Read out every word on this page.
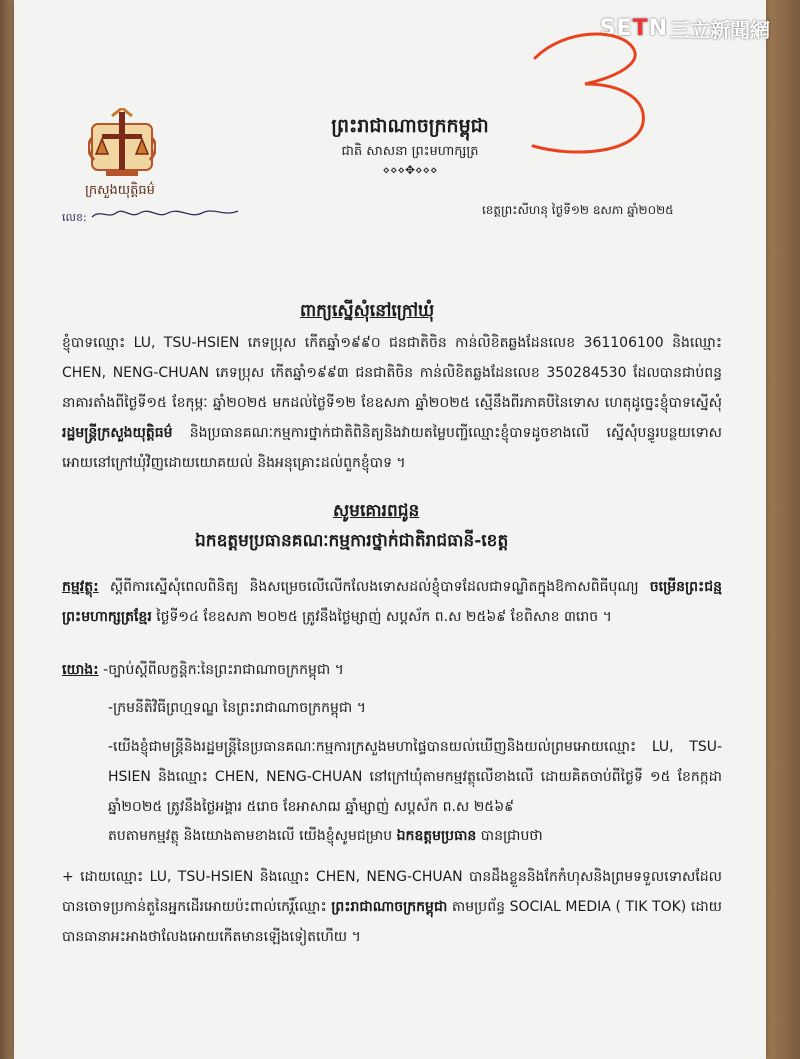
SETN 三立新聞網
ក្រសួងយុត្តិធម៌
លេខ:
ព្រះរាជាណាចក្រកម្ពុជា
ជាតិ សាសនា ព្រះមហាក្សត្រ
⋄⋄⋄✥⋄⋄⋄
ខេត្តព្រះសីហនុ ថ្ងៃទី១២ ឧសភា ឆ្នាំ២០២៥
ពាក្យស្នើសុំនៅក្រៅឃុំ
ខ្ញុំបាទឈ្មោះ LU, TSU-HSIEN ភេទប្រុស កើតឆ្នាំ១៩៩០ ជនជាតិចិន កាន់លិខិតឆ្លងដែនលេខ 361106100 និងឈ្មោះ CHEN, NENG-CHUAN ភេទប្រុស កើតឆ្នាំ១៩៩៣ ជនជាតិចិន កាន់លិខិតឆ្លងដែនលេខ 350284530 ដែលបានជាប់ពន្ធនាគារតាំងពីថ្ងៃទី១៥ ខែកុម្ភៈ ឆ្នាំ២០២៥ មកដល់ថ្ងៃទី១២ ខែឧសភា ឆ្នាំ២០២៥ ស្មើនឹងពីរភាគបីនៃទោស ហេតុដូច្នេះខ្ញុំបាទស្នើសុំ រដ្ឋមន្ត្រីក្រសួងយុត្តិធម៌ និងប្រធានគណៈកម្មការថ្នាក់ជាតិពិនិត្យនិងវាយតម្លៃបញ្ជីឈ្មោះខ្ញុំបាទដូចខាងលើ ស្នើសុំបន្ធូរបន្ថយទោសអោយនៅក្រៅឃុំវិញដោយយោគយល់ និងអនុគ្រោះដល់ពួកខ្ញុំបាទ ។
សូមគោរពជូន
ឯកឧត្តមប្រធានគណៈកម្មការថ្នាក់ជាតិរាជធានី-ខេត្ត
កម្មវត្ថុ: ស្តីពីការស្នើសុំពេលពិនិត្យ និងសម្រេចលើលើកលែងទោសដល់ខ្ញុំបាទដែលជាទណ្ឌិតក្នុងឱកាសពិធីបុណ្យ ចម្រើនព្រះជន្មព្រះមហាក្សត្រខ្មែរ ថ្ងៃទី១៤ ខែឧសភា ២០២៥ ត្រូវនឹងថ្ងៃម្សាញ់ សប្តស័ក ព.ស ២៥៦៩ ខែពិសាខ ៣រោច ។
យោង: -ច្បាប់ស្តីពីលក្ខន្តិកៈនៃព្រះរាជាណាចក្រកម្ពុជា ។
-ក្រមនីតិវិធីព្រហ្មទណ្ឌ នៃព្រះរាជាណាចក្រកម្ពុជា ។
-យើងខ្ញុំជាមន្ត្រីនិងរដ្ឋមន្ត្រីនៃប្រធានគណៈកម្មការក្រសួងមហាផ្ទៃបានយល់ឃើញនិងយល់ព្រមអោយឈ្មោះ LU, TSU- HSIEN និងឈ្មោះ CHEN, NENG-CHUAN នៅក្រៅឃុំតាមកម្មវត្ថុលើខាងលើ ដោយគិតចាប់ពីថ្ងៃទី ១៥ ខែកក្កដា ឆ្នាំ២០២៥ ត្រូវនឹងថ្ងៃអង្គារ ៥រោច ខែអាសាឍ ឆ្នាំម្សាញ់ សប្តស័ក ព.ស ២៥៦៩
តបតាមកម្មវត្ថុ និងយោងតាមខាងលើ យើងខ្ញុំសូមជម្រាប ឯកឧត្តមប្រធាន បានជ្រាបថា
+ ដោយឈ្មោះ LU, TSU-HSIEN និងឈ្មោះ CHEN, NENG-CHUAN បានដឹងខ្លួននិងកែកំហុសនិងព្រមទទួលទោសដែលបានចោទប្រកាន់តួនៃអ្នកដើរអោយប៉ះពាល់កេរ្តិ៍ឈ្មោះ ព្រះរាជាណាចក្រកម្ពុជា តាមប្រព័ន្ធ SOCIAL MEDIA ( TIK TOK) ដោយបានធានាអះអាងថាលែងអោយកើតមានឡើងទៀតហើយ ។
